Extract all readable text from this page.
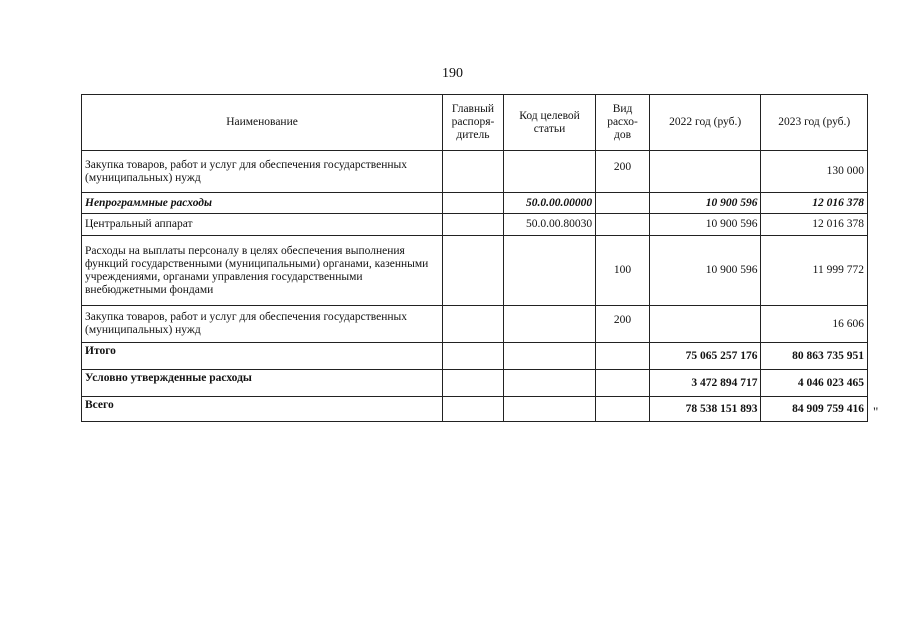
190
Наименование	Главный распоря-дитель	Код целевой статьи	Вид расхо-дов	2022 год (руб.)	2023 год (руб.)
Закупка товаров, работ и услуг для обеспечения государственных (муниципальных) нужд			200		130 000
Непрограммные расходы		50.0.00.00000		10 900 596	12 016 378
Центральный аппарат		50.0.00.80030		10 900 596	12 016 378
Расходы на выплаты персоналу в целях обеспечения выполнения функций государственными (муниципальными) органами, казенными учреждениями, органами управления государственными внебюджетными фондами			100	10 900 596	11 999 772
Закупка товаров, работ и услуг для обеспечения государственных (муниципальных) нужд			200		16 606
Итого				75 065 257 176	80 863 735 951
Условно утвержденные расходы				3 472 894 717	4 046 023 465
Всего				78 538 151 893	84 909 759 416 "
